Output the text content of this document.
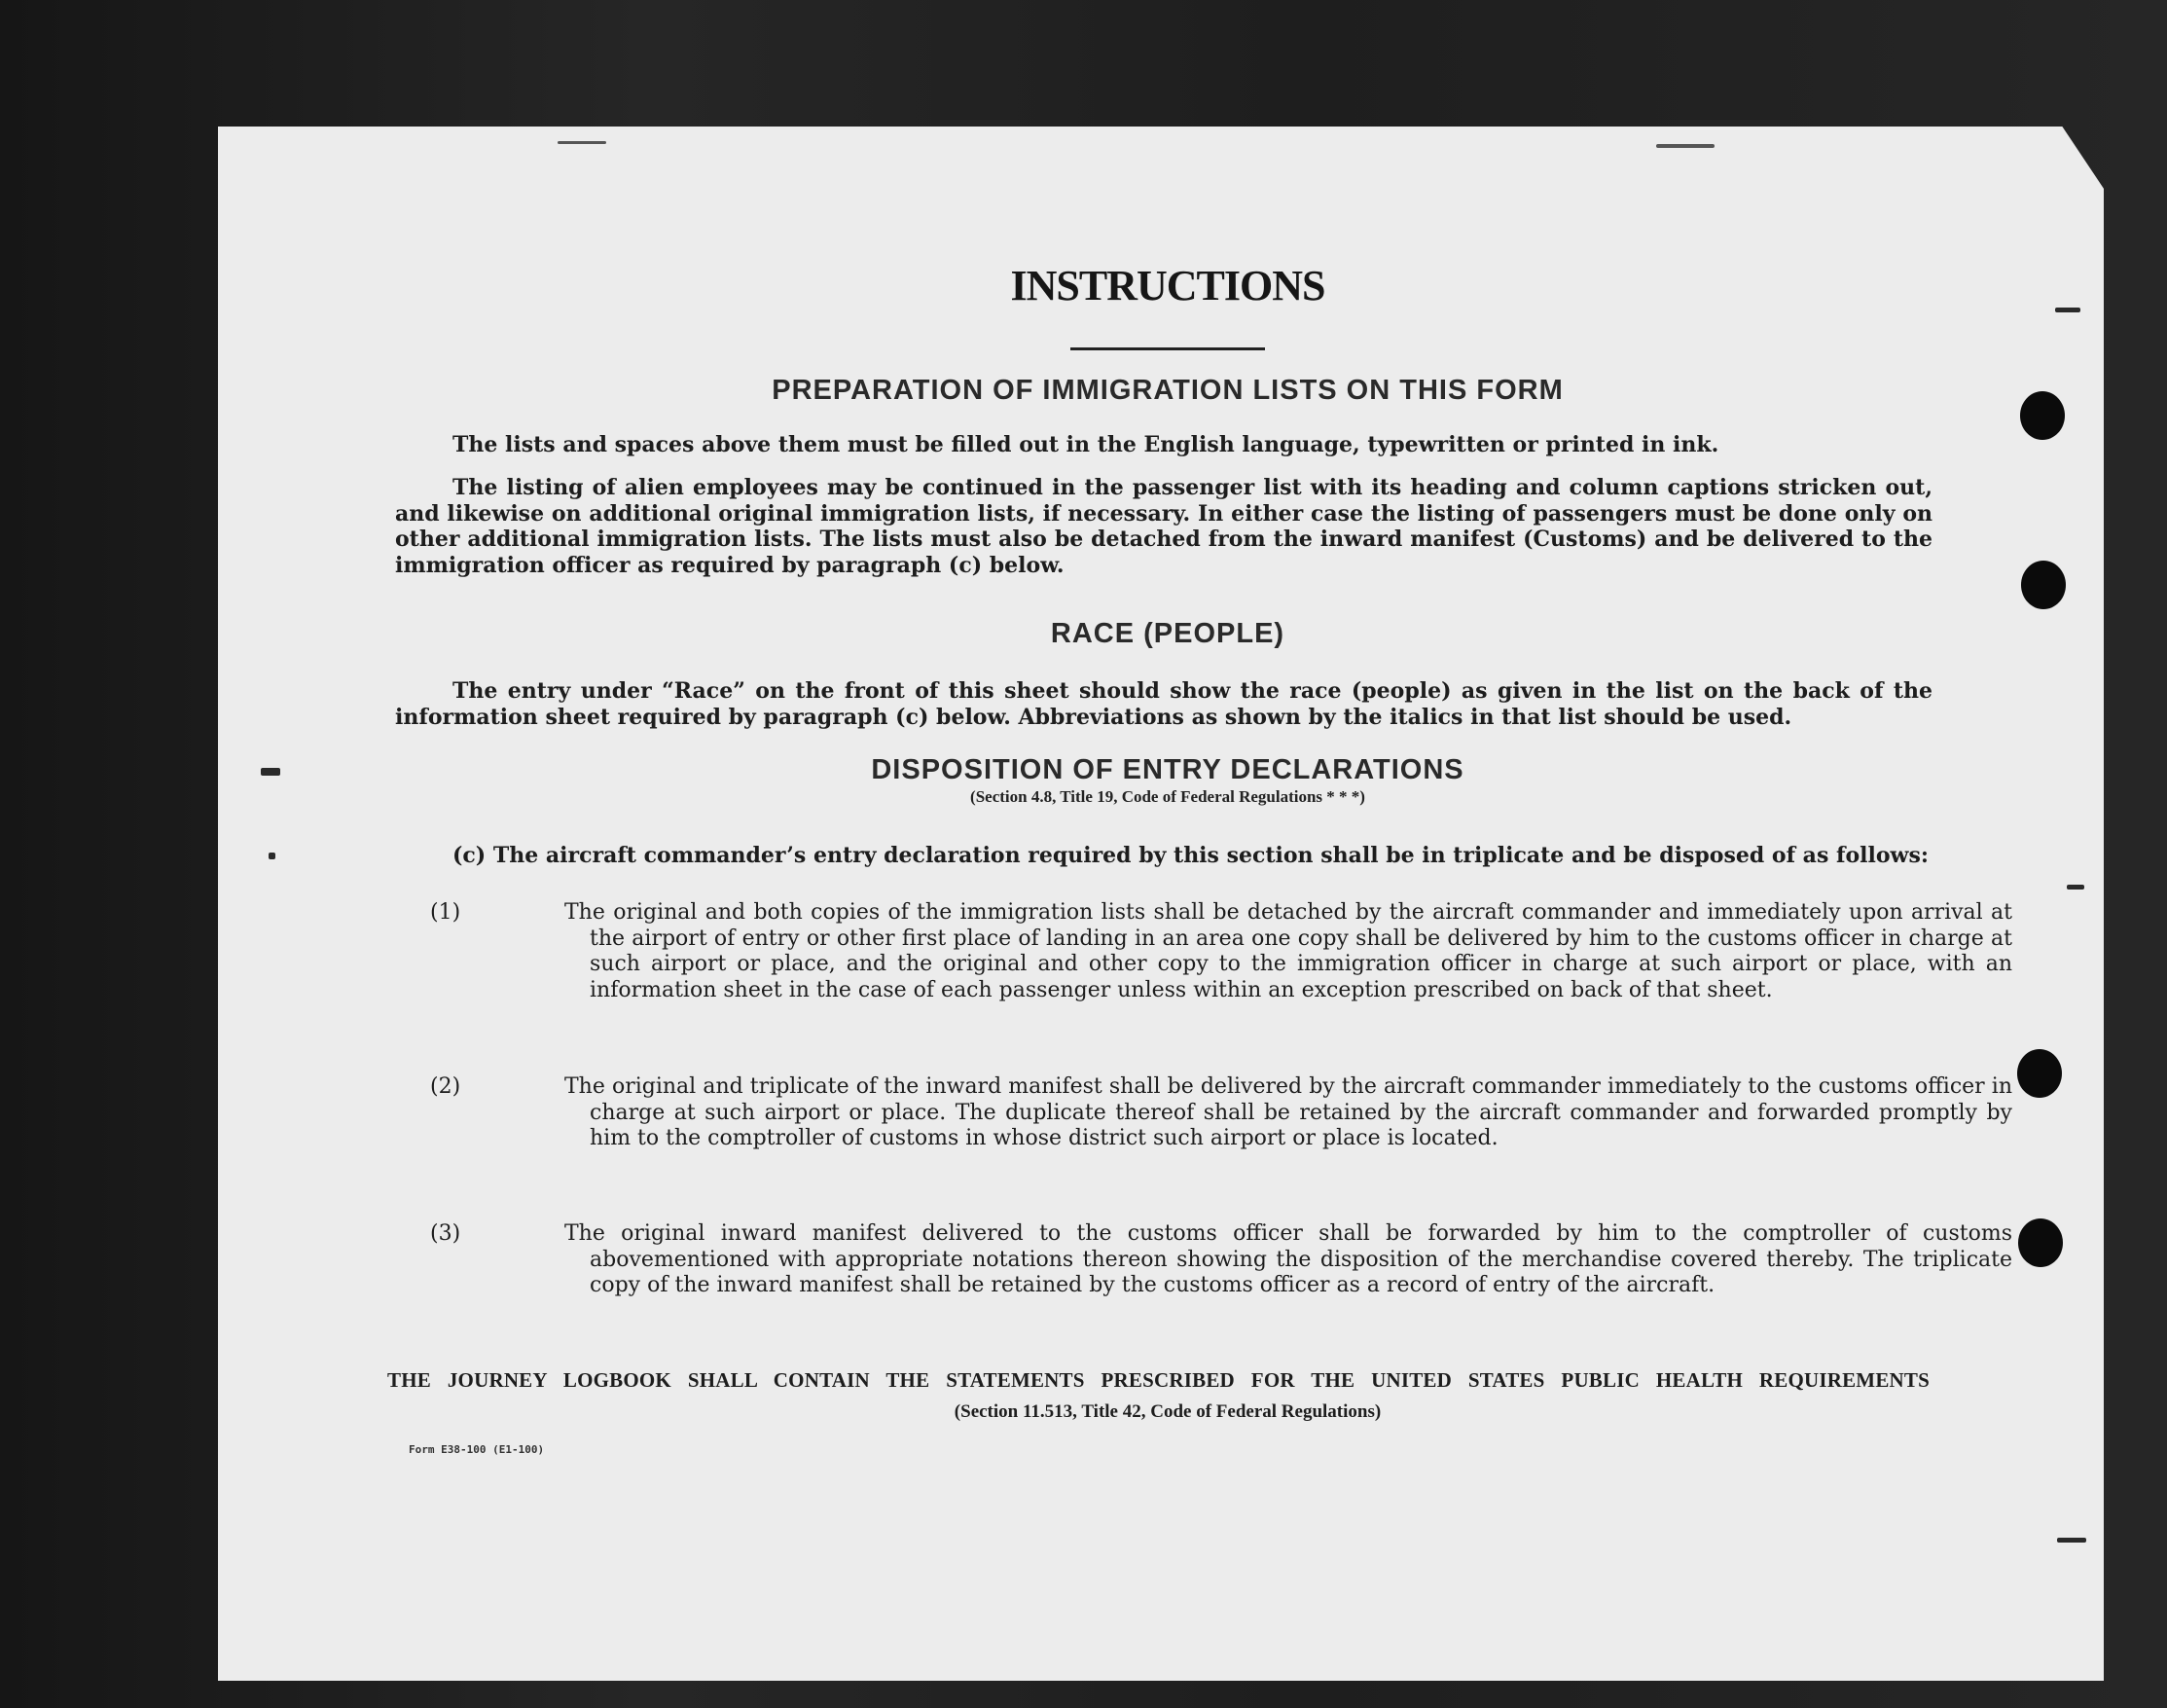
INSTRUCTIONS
PREPARATION OF IMMIGRATION LISTS ON THIS FORM
The lists and spaces above them must be filled out in the English language, typewritten or printed in ink.
The listing of alien employees may be continued in the passenger list with its heading and column captions stricken out, and likewise on additional original immigration lists, if necessary. In either case the listing of passengers must be done only on other additional immigration lists. The lists must also be detached from the inward manifest (Customs) and be delivered to the immigration officer as required by paragraph (c) below.
RACE (PEOPLE)
The entry under “Race” on the front of this sheet should show the race (people) as given in the list on the back of the information sheet required by paragraph (c) below. Abbreviations as shown by the italics in that list should be used.
DISPOSITION OF ENTRY DECLARATIONS
(Section 4.8, Title 19, Code of Federal Regulations * * *)
(c) The aircraft commander’s entry declaration required by this section shall be in triplicate and be disposed of as follows:
(1)	The original and both copies of the immigration lists shall be detached by the aircraft commander and immediately upon arrival at the airport of entry or other first place of landing in an area one copy shall be delivered by him to the customs officer in charge at such airport or place, and the original and other copy to the immigration officer in charge at such airport or place, with an information sheet in the case of each passenger unless within an exception prescribed on back of that sheet.
(2)	The original and triplicate of the inward manifest shall be delivered by the aircraft commander immediately to the customs officer in charge at such airport or place. The duplicate thereof shall be retained by the aircraft commander and forwarded promptly by him to the comptroller of customs in whose district such airport or place is located.
(3)	The original inward manifest delivered to the customs officer shall be forwarded by him to the comptroller of customs abovementioned with appropriate notations thereon showing the disposition of the merchandise covered thereby. The triplicate copy of the inward manifest shall be retained by the customs officer as a record of entry of the aircraft.
THE JOURNEY LOGBOOK SHALL CONTAIN THE STATEMENTS PRESCRIBED FOR THE UNITED STATES PUBLIC HEALTH REQUIREMENTS
(Section 11.513, Title 42, Code of Federal Regulations)
Form E38-100 (E1-100)
